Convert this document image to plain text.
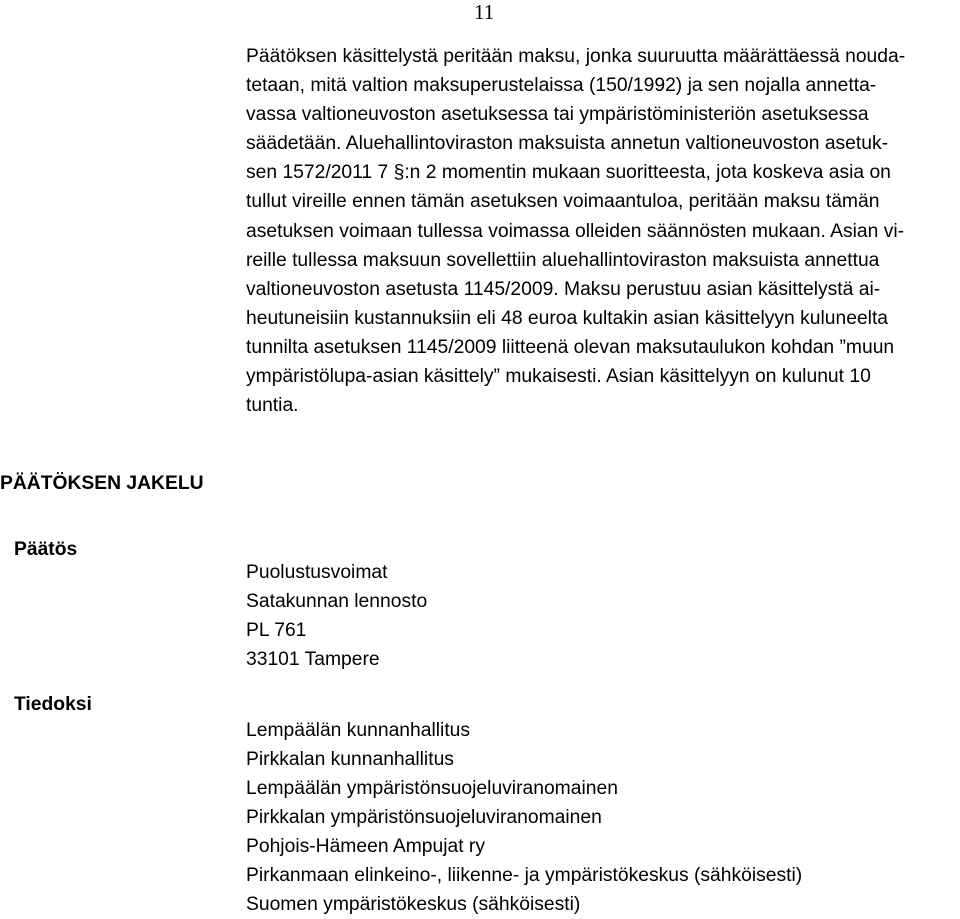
11
Päätöksen käsittelystä peritään maksu, jonka suuruutta määrättäessä nouda-
tetaan, mitä valtion maksuperustelaissa (150/1992) ja sen nojalla annetta-
vassa valtioneuvoston asetuksessa tai ympäristöministeriön asetuksessa
säädetään. Aluehallintoviraston maksuista annetun valtioneuvoston asetuk-
sen 1572/2011 7 §:n 2 momentin mukaan suoritteesta, jota koskeva asia on
tullut vireille ennen tämän asetuksen voimaantuloa, peritään maksu tämän
asetuksen voimaan tullessa voimassa olleiden säännösten mukaan. Asian vi-
reille tullessa maksuun sovellettiin aluehallintoviraston maksuista annettua
valtioneuvoston asetusta 1145/2009. Maksu perustuu asian käsittelystä ai-
heutuneisiin kustannuksiin eli 48 euroa kultakin asian käsittelyyn kuluneelta
tunnilta asetuksen 1145/2009 liitteenä olevan maksutaulukon kohdan ”muun
ympäristölupa-asian käsittely” mukaisesti. Asian käsittelyyn on kulunut 10
tuntia.
PÄÄTÖKSEN JAKELU
Päätös
Puolustusvoimat
Satakunnan lennosto
PL 761
33101 Tampere
Tiedoksi
Lempäälän kunnanhallitus
Pirkkalan kunnanhallitus
Lempäälän ympäristönsuojeluviranomainen
Pirkkalan ympäristönsuojeluviranomainen
Pohjois-Hämeen Ampujat ry
Pirkanmaan elinkeino-, liikenne- ja ympäristökeskus (sähköisesti)
Suomen ympäristökeskus (sähköisesti)
